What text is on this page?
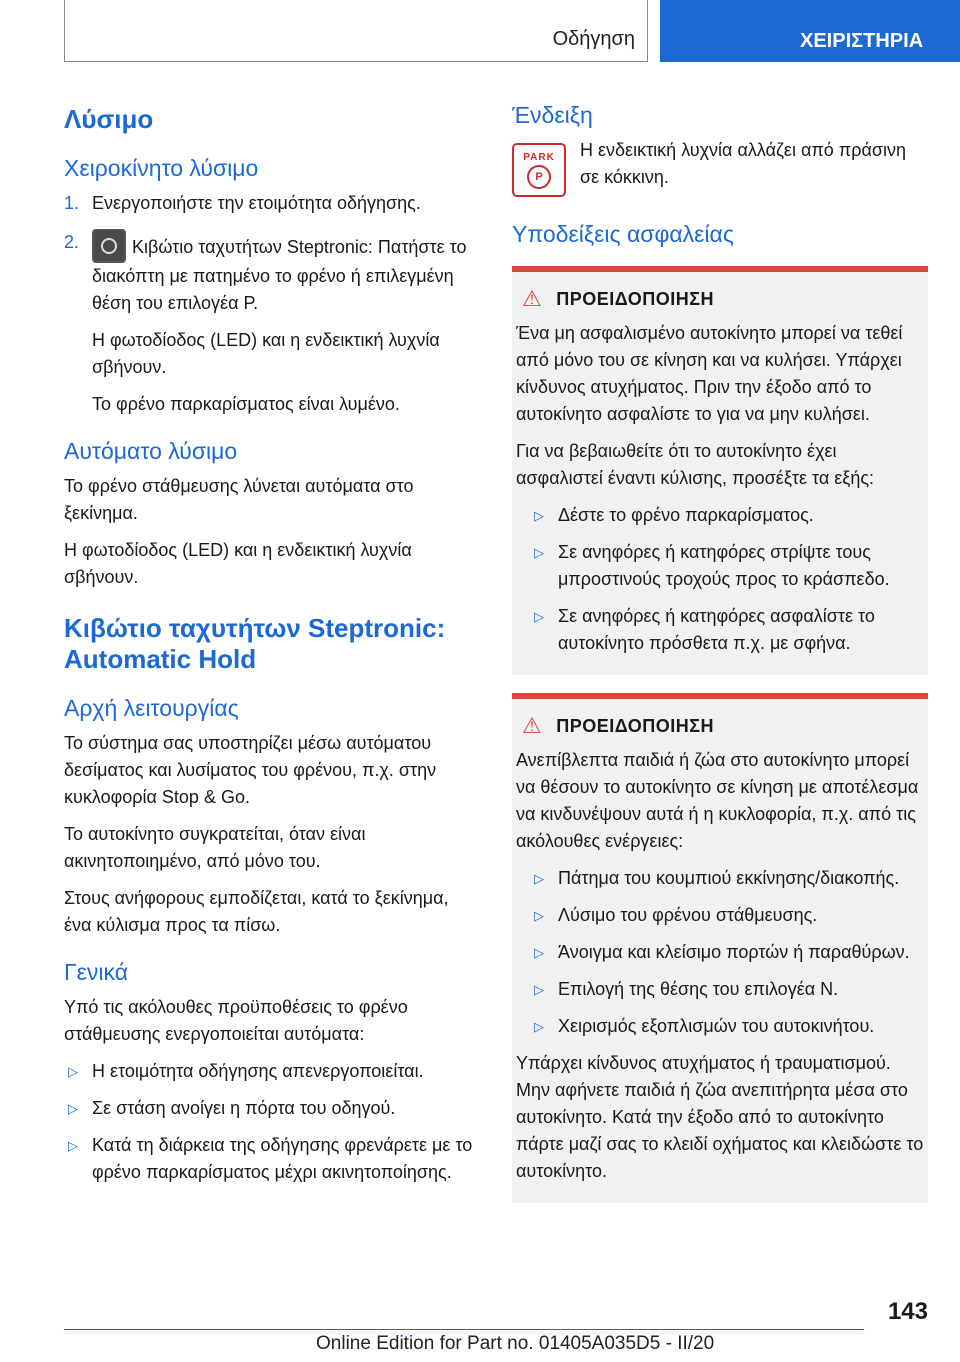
Οδήγηση	ΧΕΙΡΙΣΤΗΡΙΑ
Λύσιμο
Χειροκίνητο λύσιμο
1. Ενεργοποιήστε την ετοιμότητα οδήγησης.

2.	Κιβώτιο ταχυτήτων Steptronic: Πατήστε το διακόπτη με πατημένο το φρένο ή επιλεγμένη θέση του επιλογέα P.

Η φωτοδίοδος (LED) και η ενδεικτική λυχνία σβήνουν.

Το φρένο παρκαρίσματος είναι λυμένο.

Αυτόματο λύσιμο

Το φρένο στάθμευσης λύνεται αυτόματα στο ξεκίνημα.

Η φωτοδίοδος (LED) και η ενδεικτική λυχνία σβήνουν.

Κιβώτιο ταχυτήτων Steptronic: Automatic Hold
Αρχή λειτουργίας

Το σύστημα σας υποστηρίζει μέσω αυτόματου δεσίματος και λυσίματος του φρένου, π.χ. στην κυκλοφορία Stop & Go.

Το αυτοκίνητο συγκρατείται, όταν είναι ακινητοποιημένο, από μόνο του.

Στους ανήφορους εμποδίζεται, κατά το ξεκίνημα, ένα κύλισμα προς τα πίσω.

Γενικά

Υπό τις ακόλουθες προϋποθέσεις το φρένο στάθμευσης ενεργοποιείται αυτόματα:

▷ Η ετοιμότητα οδήγησης απενεργοποιείται.
▷ Σε στάση ανοίγει η πόρτα του οδηγού.
▷ Κατά τη διάρκεια της οδήγησης φρενάρετε με το φρένο παρκαρίσματος μέχρι ακινητοποίησης.
Ένδειξη
PARK
P

Η ενδεικτική λυχνία αλλάζει από πράσινη σε κόκκινη.

Υποδείξεις ασφαλείας
⚠ ΠΡΟΕΙΔΟΠΟΙΗΣΗ

Ένα μη ασφαλισμένο αυτοκίνητο μπορεί να τεθεί από μόνο του σε κίνηση και να κυλήσει. Υπάρχει κίνδυνος ατυχήματος. Πριν την έξοδο από το αυτοκίνητο ασφαλίστε το για να μην κυλήσει.

Για να βεβαιωθείτε ότι το αυτοκίνητο έχει ασφαλιστεί έναντι κύλισης, προσέξτε τα εξής:

▷ Δέστε το φρένο παρκαρίσματος.
▷ Σε ανηφόρες ή κατηφόρες στρίψτε τους μπροστινούς τροχούς προς το κράσπεδο.
▷ Σε ανηφόρες ή κατηφόρες ασφαλίστε το αυτοκίνητο πρόσθετα π.χ. με σφήνα.
⚠ ΠΡΟΕΙΔΟΠΟΙΗΣΗ

Ανεπίβλεπτα παιδιά ή ζώα στο αυτοκίνητο μπορεί να θέσουν το αυτοκίνητο σε κίνηση με αποτέλεσμα να κινδυνέψουν αυτά ή η κυκλοφορία, π.χ. από τις ακόλουθες ενέργειες:

▷ Πάτημα του κουμπιού εκκίνησης/διακοπής.
▷ Λύσιμο του φρένου στάθμευσης.
▷ Άνοιγμα και κλείσιμο πορτών ή παραθύρων.
▷ Επιλογή της θέσης του επιλογέα N.
▷ Χειρισμός εξοπλισμών του αυτοκινήτου.

Υπάρχει κίνδυνος ατυχήματος ή τραυματισμού. Μην αφήνετε παιδιά ή ζώα ανεπιτήρητα μέσα στο αυτοκίνητο. Κατά την έξοδο από το αυτοκίνητο πάρτε μαζί σας το κλειδί οχήματος και κλειδώστε το αυτοκίνητο.

143
Online Edition for Part no. 01405A035D5 - II/20
